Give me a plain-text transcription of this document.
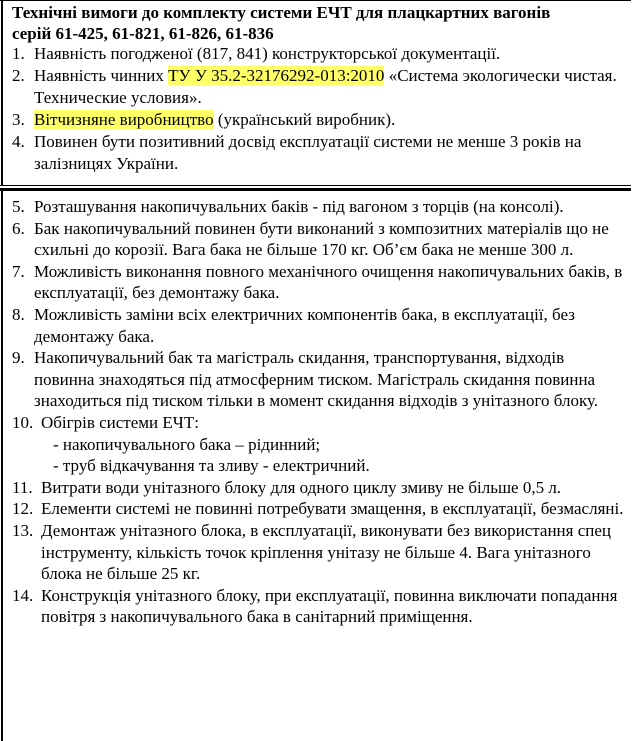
Технічні вимоги до комплекту системи ЕЧТ для плацкартних вагонів
серій 61-425, 61-821, 61-826, 61-836
1. Наявність погодженої (817, 841) конструкторської документації.
2. Наявність чинних ТУ У 35.2-32176292-013:2010 «Система экологически чистая. Технические условия».
3. Вітчизняне виробництво (український виробник).
4. Повинен бути позитивний досвід експлуатації системи не менше 3 років на залізницях України.
5. Розташування накопичувальних баків - під вагоном з торців (на консолі).
6. Бак накопичувальний повинен бути виконаний з композитних матеріалів що не схильні до корозії. Вага бака не більше 170 кг. Об’єм бака не менше 300 л.
7. Можливість виконання повного механічного очищення накопичувальних баків, в експлуатації, без демонтажу бака.
8. Можливість заміни всіх електричних компонентів бака, в експлуатації, без демонтажу бака.
9. Накопичувальний бак та магістраль скидання, транспортування, відходів повинна знаходяться під атмосферним тиском. Магістраль скидання повинна знаходиться під тиском тільки в момент скидання відходів з унітазного блоку.
10. Обігрів системи ЕЧТ:
- накопичувального бака – рідинний;
- труб відкачування та зливу - електричний.
11. Витрати води унітазного блоку для одного циклу змиву не більше 0,5 л.
12. Елементи системі не повинні потребувати змащення, в експлуатації, безмасляні.
13. Демонтаж унітазного блока, в експлуатації, виконувати без використання спец інструменту, кількість точок кріплення унітазу не більше 4. Вага унітазного блока не більше 25 кг.
14. Конструкція унітазного блоку, при експлуатації, повинна виключати попадання повітря з накопичувального бака в санітарний приміщення.
